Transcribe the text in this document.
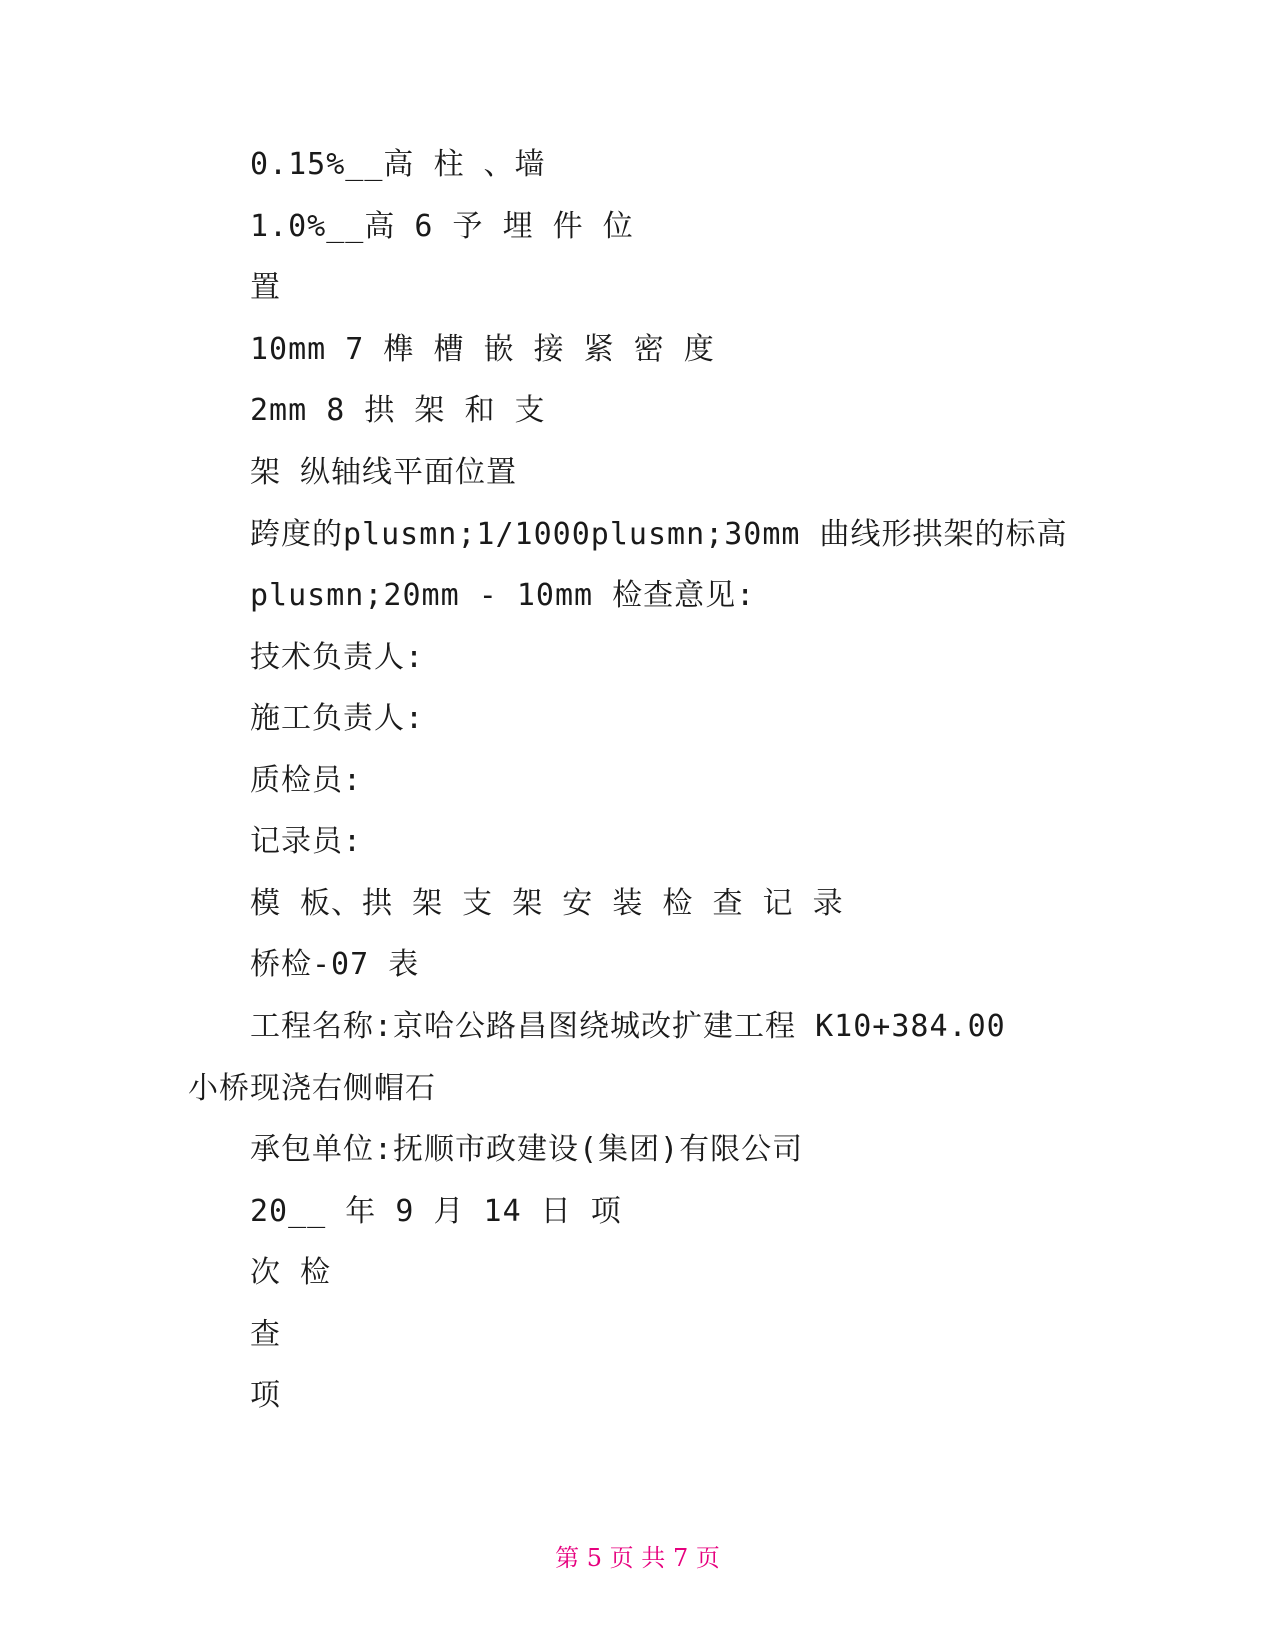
0.15%__高 柱 、墙
1.0%__高 6 予 埋 件 位
置
10mm 7 榫 槽 嵌 接 紧 密 度
2mm 8 拱 架 和 支
架 纵轴线平面位置
跨度的plusmn;1/1000plusmn;30mm 曲线形拱架的标高
plusmn;20mm - 10mm 检查意见:
技术负责人:
施工负责人:
质检员:
记录员:
模 板、拱 架 支 架 安 装 检 查 记 录
桥检-07 表
工程名称:京哈公路昌图绕城改扩建工程 K10+384.00
小桥现浇右侧帽石
承包单位:抚顺市政建设(集团)有限公司
20__ 年 9 月 14 日 项
次 检
查
项
第 5 页 共 7 页
